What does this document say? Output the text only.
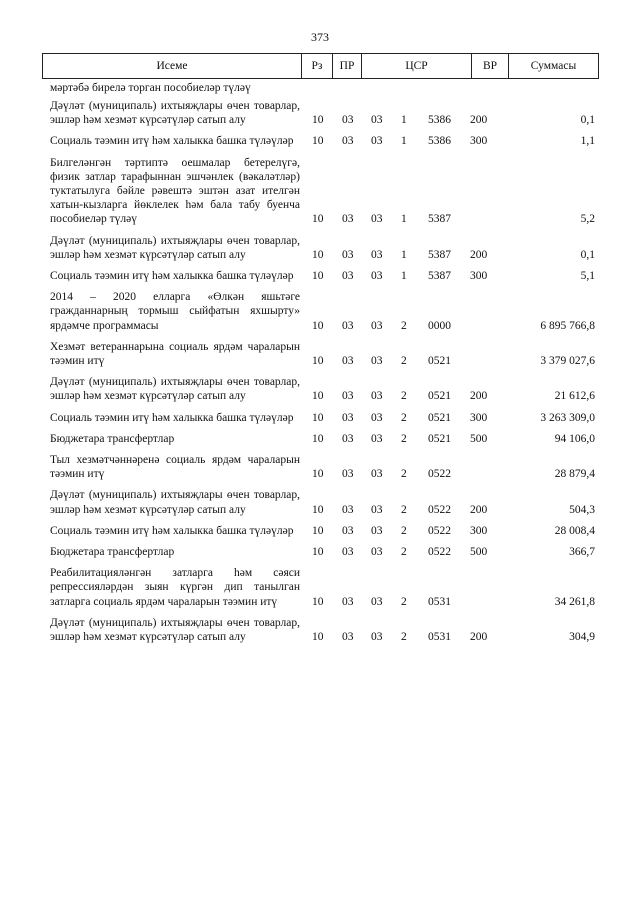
373
Исеме	Рз	ПР	ЦСР	ВР	Суммасы
мәртәбә бирелә торган пособиеләр түләү
Дәүләт (муниципаль) ихтыяҗлары өчен товарлар, эшләр һәм хезмәт күрсәтүләр сатып алу	10 03 03 1 5386 200	0,1
Социаль тәэмин итү һәм халыкка башка түләүләр	10 03 03 1 5386 300	1,1
Билгеләнгән тәртиптә оешмалар бетерелүгә, физик затлар тарафыннан эшчәнлек (вәкаләтләр) туктатылуга бәйле рәвештә эштән азат ителгән хатын-кызларга йөклелек һәм бала табу буенча пособиеләр түләү	10 03 03 1 5387	5,2
Дәүләт (муниципаль) ихтыяҗлары өчен товарлар, эшләр һәм хезмәт күрсәтүләр сатып алу	10 03 03 1 5387 200	0,1
Социаль тәэмин итү һәм халыкка башка түләүләр	10 03 03 1 5387 300	5,1
2014 – 2020 елларга «Өлкән яшьтәге гражданнарның тормыш сыйфатын яхшырту» ярдәмче программасы	10 03 03 2 0000	6 895 766,8
Хезмәт ветераннарына социаль ярдәм чараларын тәэмин итү	10 03 03 2 0521	3 379 027,6
Дәүләт (муниципаль) ихтыяҗлары өчен товарлар, эшләр һәм хезмәт күрсәтүләр сатып алу	10 03 03 2 0521 200	21 612,6
Социаль тәэмин итү һәм халыкка башка түләүләр	10 03 03 2 0521 300	3 263 309,0
Бюджетара трансфертлар	10 03 03 2 0521 500	94 106,0
Тыл хезмәтчәннәренә социаль ярдәм чараларын тәэмин итү	10 03 03 2 0522	28 879,4
Дәүләт (муниципаль) ихтыяҗлары өчен товарлар, эшләр һәм хезмәт күрсәтүләр сатып алу	10 03 03 2 0522 200	504,3
Социаль тәэмин итү һәм халыкка башка түләүләр	10 03 03 2 0522 300	28 008,4
Бюджетара трансфертлар	10 03 03 2 0522 500	366,7
Реабилитацияләнгән затларга һәм сәяси репрессияләрдән зыян күргән дип танылган затларга социаль ярдәм чараларын тәэмин итү	10 03 03 2 0531	34 261,8
Дәүләт (муниципаль) ихтыяҗлары өчен товарлар, эшләр һәм хезмәт күрсәтүләр сатып алу	10 03 03 2 0531 200	304,9
